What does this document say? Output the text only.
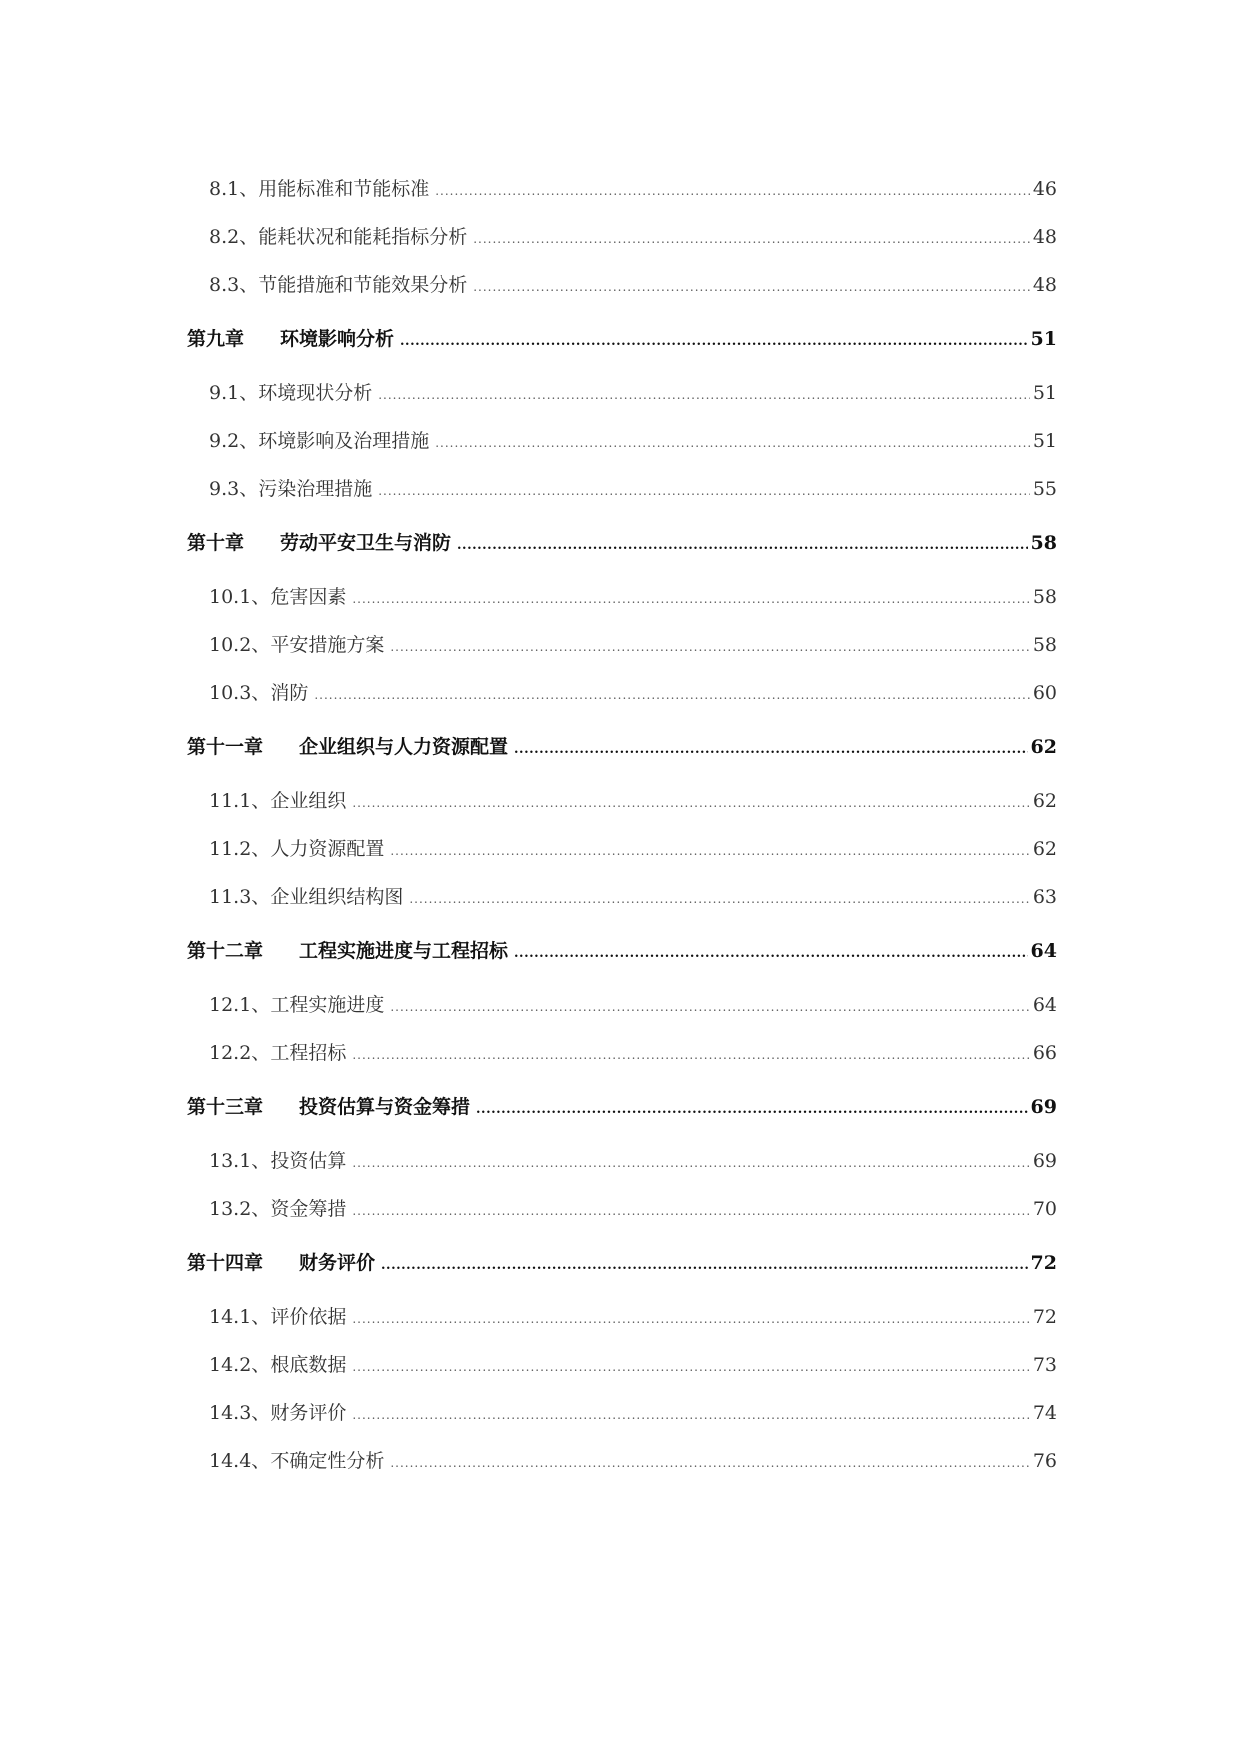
8.1、用能标准和节能标准 .....	46
8.2、能耗状况和能耗指标分析 .....	48
8.3、节能措施和节能效果分析 .....	48
第九章 环境影响分析 .....	51
9.1、环境现状分析 .....	51
9.2、环境影响及治理措施 .....	51
9.3、污染治理措施 .....	55
第十章 劳动平安卫生与消防 .....	58
10.1、危害因素 .....	58
10.2、平安措施方案 .....	58
10.3、消防 .....	60
第十一章 企业组织与人力资源配置 .....	62
11.1、企业组织 .....	62
11.2、人力资源配置 .....	62
11.3、企业组织结构图 .....	63
第十二章 工程实施进度与工程招标 .....	64
12.1、工程实施进度 .....	64
12.2、工程招标 .....	66
第十三章 投资估算与资金筹措 .....	69
13.1、投资估算 .....	69
13.2、资金筹措 .....	70
第十四章 财务评价 .....	72
14.1、评价依据 .....	72
14.2、根底数据 .....	73
14.3、财务评价 .....	74
14.4、不确定性分析 .....	76
